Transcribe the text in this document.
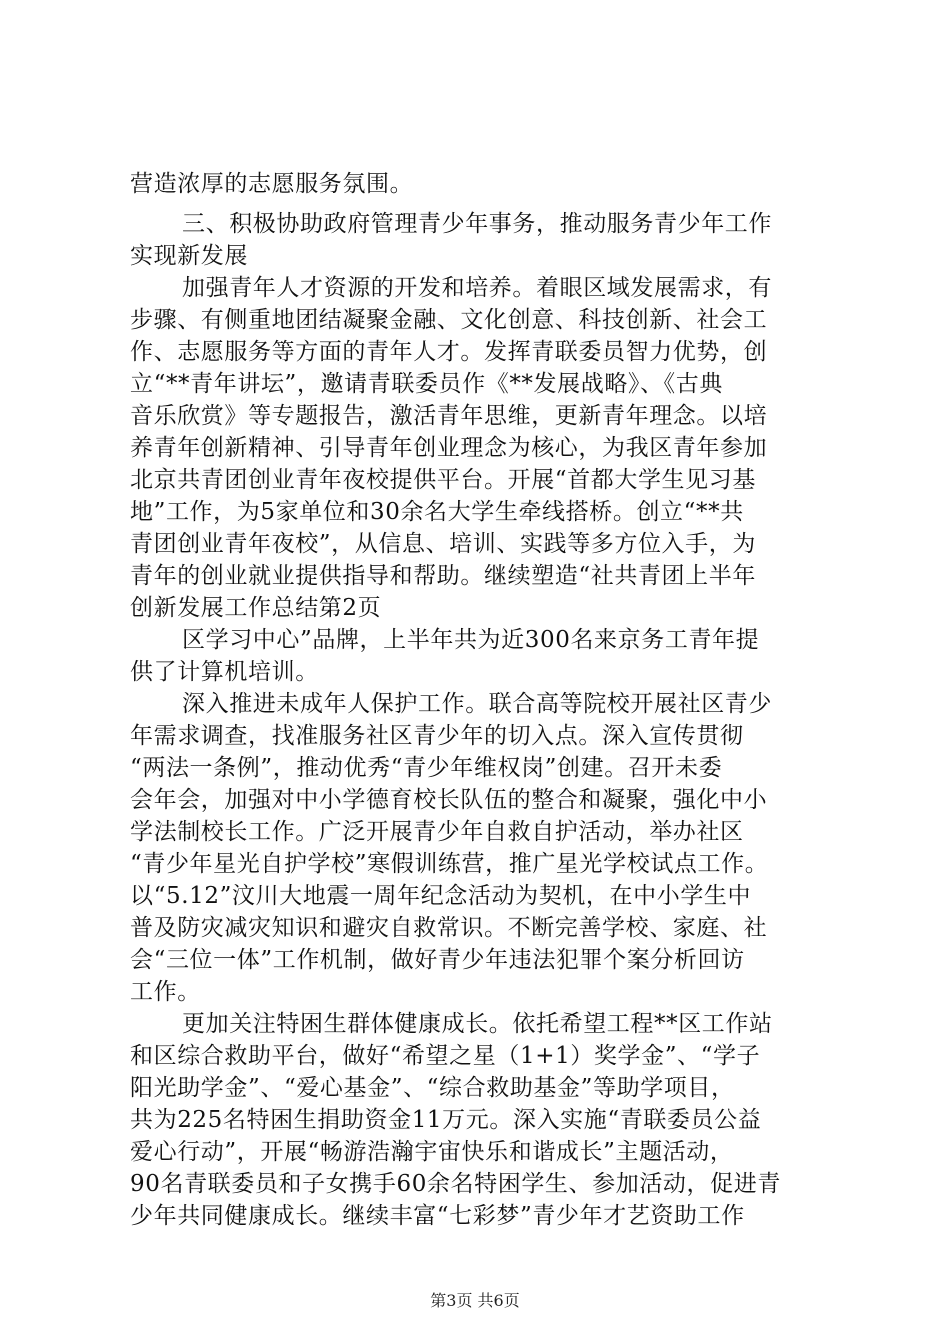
营造浓厚的志愿服务氛围。
三、积极协助政府管理青少年事务，推动服务青少年工作
实现新发展
加强青年人才资源的开发和培养。着眼区域发展需求，有
步骤、有侧重地团结凝聚金融、文化创意、科技创新、社会工
作、志愿服务等方面的青年人才。发挥青联委员智力优势，创
立“**青年讲坛”，邀请青联委员作《**发展战略》、《古典
音乐欣赏》等专题报告，激活青年思维，更新青年理念。以培
养青年创新精神、引导青年创业理念为核心，为我区青年参加
北京共青团创业青年夜校提供平台。开展“首都大学生见习基
地”工作，为5家单位和30余名大学生牵线搭桥。创立“**共
青团创业青年夜校”，从信息、培训、实践等多方位入手，为
青年的创业就业提供指导和帮助。继续塑造“社共青团上半年
创新发展工作总结第2页
区学习中心”品牌，上半年共为近300名来京务工青年提
供了计算机培训。
深入推进未成年人保护工作。联合高等院校开展社区青少
年需求调查，找准服务社区青少年的切入点。深入宣传贯彻
“两法一条例”，推动优秀“青少年维权岗”创建。召开未委
会年会，加强对中小学德育校长队伍的整合和凝聚，强化中小
学法制校长工作。广泛开展青少年自救自护活动，举办社区
“青少年星光自护学校”寒假训练营，推广星光学校试点工作。
以“5.12”汶川大地震一周年纪念活动为契机，在中小学生中
普及防灾减灾知识和避灾自救常识。不断完善学校、家庭、社
会“三位一体”工作机制，做好青少年违法犯罪个案分析回访
工作。
更加关注特困生群体健康成长。依托希望工程**区工作站
和区综合救助平台，做好“希望之星（1+1）奖学金”、“学子
阳光助学金”、“爱心基金”、“综合救助基金”等助学项目，
共为225名特困生捐助资金11万元。深入实施“青联委员公益
爱心行动”，开展“畅游浩瀚宇宙快乐和谐成长”主题活动，
90名青联委员和子女携手60余名特困学生、参加活动，促进青
少年共同健康成长。继续丰富“七彩梦”青少年才艺资助工作
第3页 共6页
